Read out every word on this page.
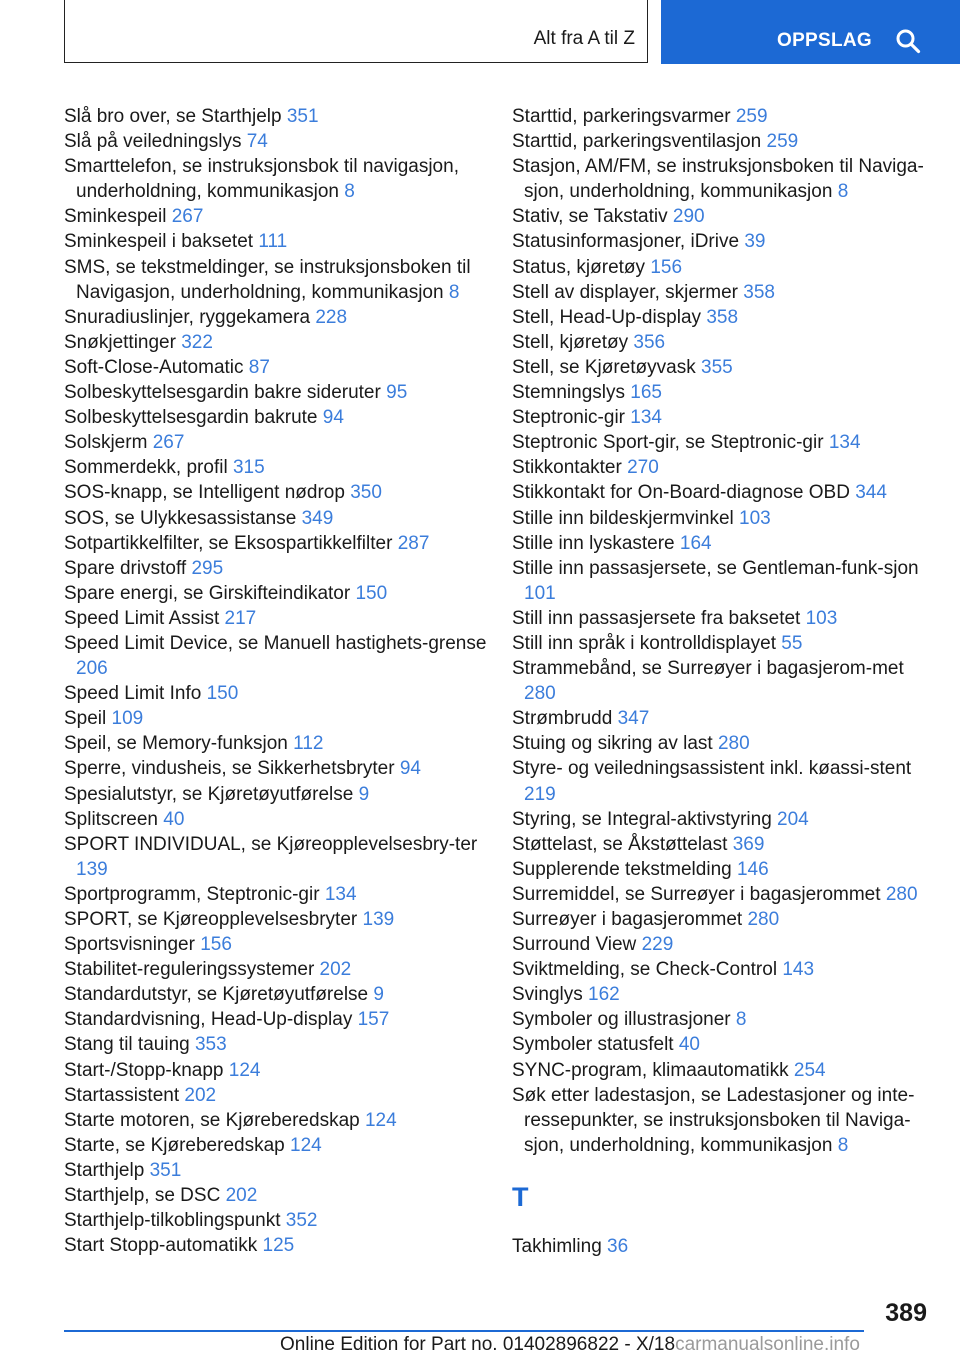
Alt fra A til Z	OPPSLAG

Slå bro over, se Starthjelp 351

Slå på veiledningslys 74

Smarttelefon, se instruksjonsbok til navigasjon, underholdning, kommunikasjon 8

Sminkespeil 267

Sminkespeil i baksetet 111

SMS, se tekstmeldinger, se instruksjonsboken til Navigasjon, underholdning, kommunikasjon 8

Snuradiuslinjer, ryggekamera 228

Snøkjettinger 322

Soft-Close-Automatic 87

Solbeskyttelsesgardin bakre sideruter 95

Solbeskyttelsesgardin bakrute 94

Solskjerm 267

Sommerdekk, profil 315

SOS-knapp, se Intelligent nødrop 350

SOS, se Ulykkesassistanse 349

Sotpartikkelfilter, se Eksospartikkelfilter 287

Spare drivstoff 295

Spare energi, se Girskifteindikator 150

Speed Limit Assist 217

Speed Limit Device, se Manuell hastighets‐grense 206

Speed Limit Info 150

Speil 109

Speil, se Memory-funksjon 112

Sperre, vindusheis, se Sikkerhetsbryter 94

Spesialutstyr, se Kjøretøyutførelse 9

Splitscreen 40

SPORT INDIVIDUAL, se Kjøreopplevelsesbry‐ter 139

Sportprogramm, Steptronic-gir 134

SPORT, se Kjøreopplevelsesbryter 139

Sportsvisninger 156

Stabilitet-reguleringssystemer 202

Standardutstyr, se Kjøretøyutførelse 9

Standardvisning, Head-Up-display 157

Stang til tauing 353

Start-/Stopp-knapp 124

Startassistent 202

Starte motoren, se Kjøreberedskap 124

Starte, se Kjøreberedskap 124

Starthjelp 351

Starthjelp, se DSC 202

Starthjelp-tilkoblingspunkt 352

Start Stopp-automatikk 125

Starttid, parkeringsvarmer 259

Starttid, parkeringsventilasjon 259

Stasjon, AM/FM, se instruksjonsboken til Naviga‐sjon, underholdning, kommunikasjon 8

Stativ, se Takstativ 290

Statusinformasjoner, iDrive 39

Status, kjøretøy 156

Stell av displayer, skjermer 358

Stell, Head-Up-display 358

Stell, kjøretøy 356

Stell, se Kjøretøyvask 355

Stemningslys 165

Steptronic-gir 134

Steptronic Sport-gir, se Steptronic-gir 134

Stikkontakter 270

Stikkontakt for On-Board-diagnose OBD 344

Stille inn bildeskjermvinkel 103

Stille inn lyskastere 164

Stille inn passasjersete, se Gentleman-funk‐sjon 101

Still inn passasjersete fra baksetet 103

Still inn språk i kontrolldisplayet 55

Strammebånd, se Surreøyer i bagasjerom‐met 280

Strømbrudd 347

Stuing og sikring av last 280

Styre- og veiledningsassistent inkl. køassi‐stent 219

Styring, se Integral-aktivstyring 204

Støttelast, se Åkstøttelast 369

Supplerende tekstmelding 146

Surremiddel, se Surreøyer i bagasjerommet 280

Surreøyer i bagasjerommet 280

Surround View 229

Sviktmelding, se Check-Control 143

Svinglys 162

Symboler og illustrasjoner 8

Symboler statusfelt 40

SYNC-program, klimaautomatikk 254

Søk etter ladestasjon, se Ladestasjoner og inte‐ressepunkter, se instruksjonsboken til Naviga‐sjon, underholdning, kommunikasjon 8

T

Takhimling 36

389
Online Edition for Part no. 01402896822 - X/18carmanualsonline.info
